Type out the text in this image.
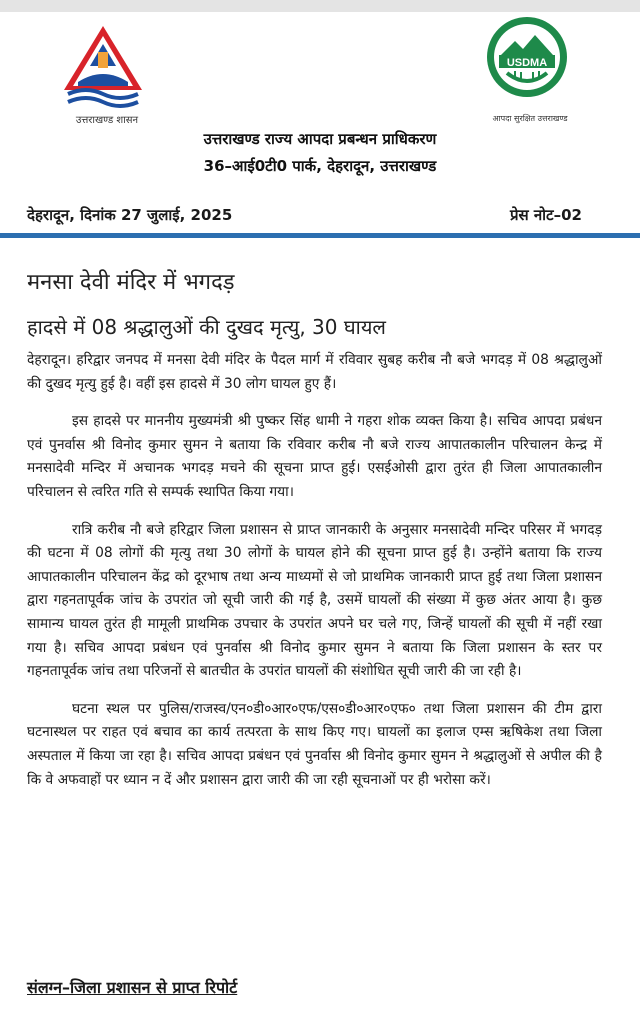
उत्तराखण्ड शासन
USDMA
आपदा सुरक्षित उत्तराखण्ड
उत्तराखण्ड राज्य आपदा प्रबन्धन प्राधिकरण
36–आई0टी0 पार्क, देहरादून, उत्तराखण्ड
देहरादून, दिनांक 27 जुलाई, 2025	प्रेस नोट–02
मनसा देवी मंदिर में भगदड़
हादसे में 08 श्रद्धालुओं की दुखद मृत्यु, 30 घायल

देहरादून। हरिद्वार जनपद में मनसा देवी मंदिर के पैदल मार्ग में रविवार सुबह करीब नौ बजे भगदड़ में 08 श्रद्धालुओं की दुखद मृत्यु हुई है। वहीं इस हादसे में 30 लोग घायल हुए हैं।

इस हादसे पर माननीय मुख्यमंत्री श्री पुष्कर सिंह धामी ने गहरा शोक व्यक्त किया है। सचिव आपदा प्रबंधन एवं पुनर्वास श्री विनोद कुमार सुमन ने बताया कि रविवार करीब नौ बजे राज्य आपातकालीन परिचालन केन्द्र में मनसादेवी मन्दिर में अचानक भगदड़ मचने की सूचना प्राप्त हुई। एसईओसी द्वारा तुरंत ही जिला आपातकालीन परिचालन से त्वरित गति से सम्पर्क स्थापित किया गया।

रात्रि करीब नौ बजे हरिद्वार जिला प्रशासन से प्राप्त जानकारी के अनुसार मनसादेवी मन्दिर परिसर में भगदड़ की घटना में 08 लोगों की मृत्यु तथा 30 लोगों के घायल होने की सूचना प्राप्त हुई है। उन्होंने बताया कि राज्य आपातकालीन परिचालन केंद्र को दूरभाष तथा अन्य माध्यमों से जो प्राथमिक जानकारी प्राप्त हुई तथा जिला प्रशासन द्वारा गहनतापूर्वक जांच के उपरांत जो सूची जारी की गई है, उसमें घायलों की संख्या में कुछ अंतर आया है। कुछ सामान्य घायल तुरंत ही मामूली प्राथमिक उपचार के उपरांत अपने घर चले गए, जिन्हें घायलों की सूची में नहीं रखा गया है। सचिव आपदा प्रबंधन एवं पुनर्वास श्री विनोद कुमार सुमन ने बताया कि जिला प्रशासन के स्तर पर गहनतापूर्वक जांच तथा परिजनों से बातचीत के उपरांत घायलों की संशोधित सूची जारी की जा रही है।

घटना स्थल पर पुलिस/राजस्व/एन०डी०आर०एफ/एस०डी०आर०एफ० तथा जिला प्रशासन की टीम द्वारा घटनास्थल पर राहत एवं बचाव का कार्य तत्परता के साथ किए गए। घायलों का इलाज एम्स ऋषिकेश तथा जिला अस्पताल में किया जा रहा है। सचिव आपदा प्रबंधन एवं पुनर्वास श्री विनोद कुमार सुमन ने श्रद्धालुओं से अपील की है कि वे अफवाहों पर ध्यान न दें और प्रशासन द्वारा जारी की जा रही सूचनाओं पर ही भरोसा करें।

संलग्न–जिला प्रशासन से प्राप्त रिपोर्ट
